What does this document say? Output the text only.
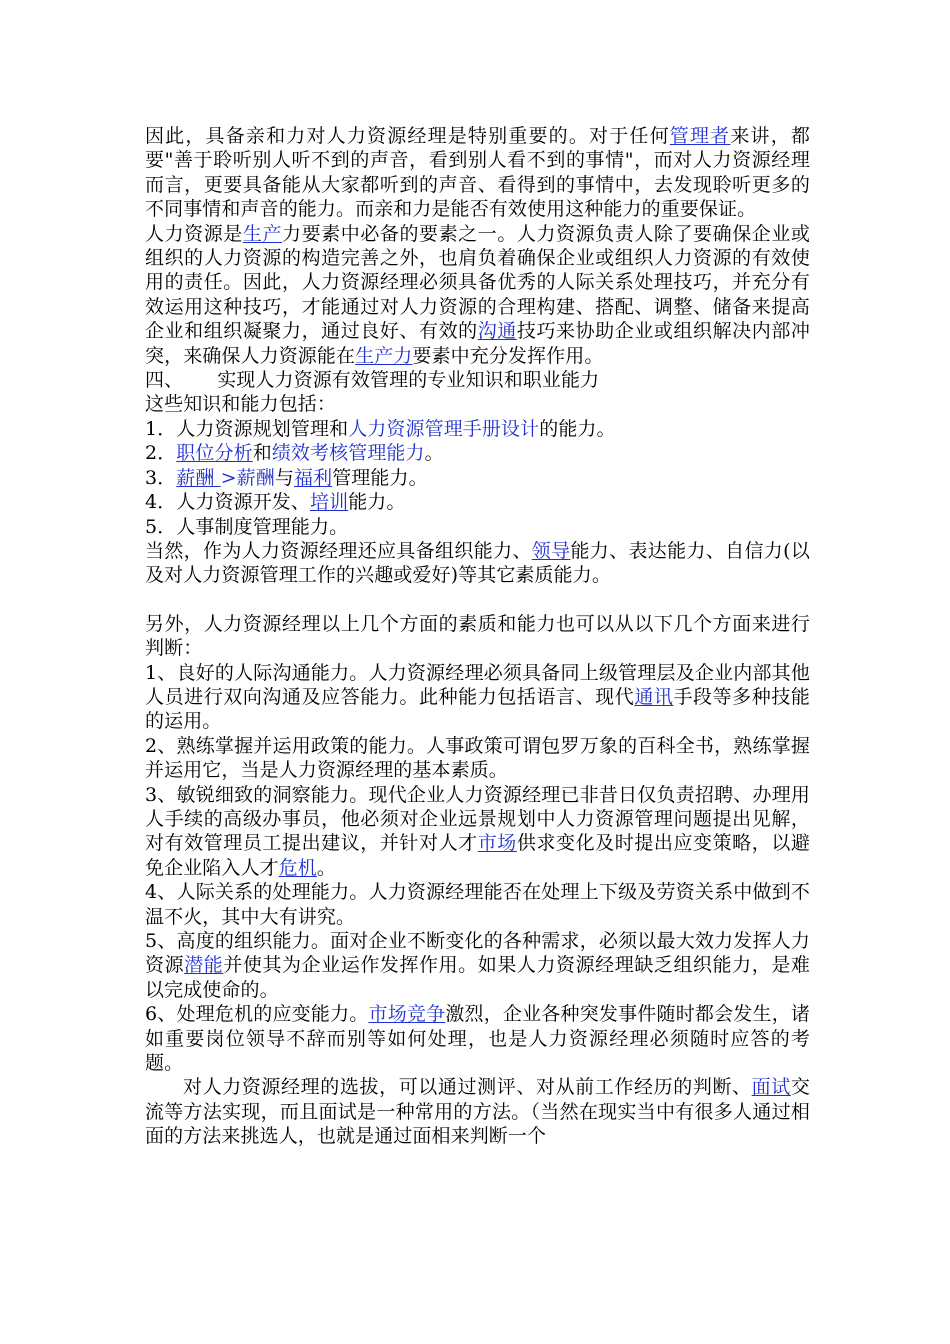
因此，具备亲和力对人力资源经理是特别重要的。对于任何管理者来讲，都要"善于聆听别人听不到的声音，看到别人看不到的事情"，而对人力资源经理而言，更要具备能从大家都听到的声音、看得到的事情中，去发现聆听更多的不同事情和声音的能力。而亲和力是能否有效使用这种能力的重要保证。

人力资源是生产力要素中必备的要素之一。人力资源负责人除了要确保企业或组织的人力资源的构造完善之外，也肩负着确保企业或组织人力资源的有效使用的责任。因此，人力资源经理必须具备优秀的人际关系处理技巧，并充分有效运用这种技巧，才能通过对人力资源的合理构建、搭配、调整、储备来提高企业和组织凝聚力，通过良好、有效的沟通技巧来协助企业或组织解决内部冲突，来确保人力资源能在生产力要素中充分发挥作用。

四、 实现人力资源有效管理的专业知识和职业能力

这些知识和能力包括：

1．人力资源规划管理和人力资源管理手册设计的能力。

2．职位分析和绩效考核管理能力。

3．薪酬 >薪酬与福利管理能力。

4．人力资源开发、培训能力。

5．人事制度管理能力。

当然，作为人力资源经理还应具备组织能力、领导能力、表达能力、自信力(以及对人力资源管理工作的兴趣或爱好)等其它素质能力。

另外，人力资源经理以上几个方面的素质和能力也可以从以下几个方面来进行判断：

1、良好的人际沟通能力。人力资源经理必须具备同上级管理层及企业内部其他人员进行双向沟通及应答能力。此种能力包括语言、现代通讯手段等多种技能的运用。

2、熟练掌握并运用政策的能力。人事政策可谓包罗万象的百科全书，熟练掌握并运用它，当是人力资源经理的基本素质。

3、敏锐细致的洞察能力。现代企业人力资源经理已非昔日仅负责招聘、办理用人手续的高级办事员，他必须对企业远景规划中人力资源管理问题提出见解，对有效管理员工提出建议，并针对人才市场供求变化及时提出应变策略，以避免企业陷入人才危机。

4、人际关系的处理能力。人力资源经理能否在处理上下级及劳资关系中做到不温不火，其中大有讲究。

5、高度的组织能力。面对企业不断变化的各种需求，必须以最大效力发挥人力资源潜能并使其为企业运作发挥作用。如果人力资源经理缺乏组织能力，是难以完成使命的。

6、处理危机的应变能力。市场竞争激烈，企业各种突发事件随时都会发生，诸如重要岗位领导不辞而别等如何处理，也是人力资源经理必须随时应答的考题。

对人力资源经理的选拔，可以通过测评、对从前工作经历的判断、面试交流等方法实现，而且面试是一种常用的方法。（当然在现实当中有很多人通过相面的方法来挑选人，也就是通过面相来判断一个
